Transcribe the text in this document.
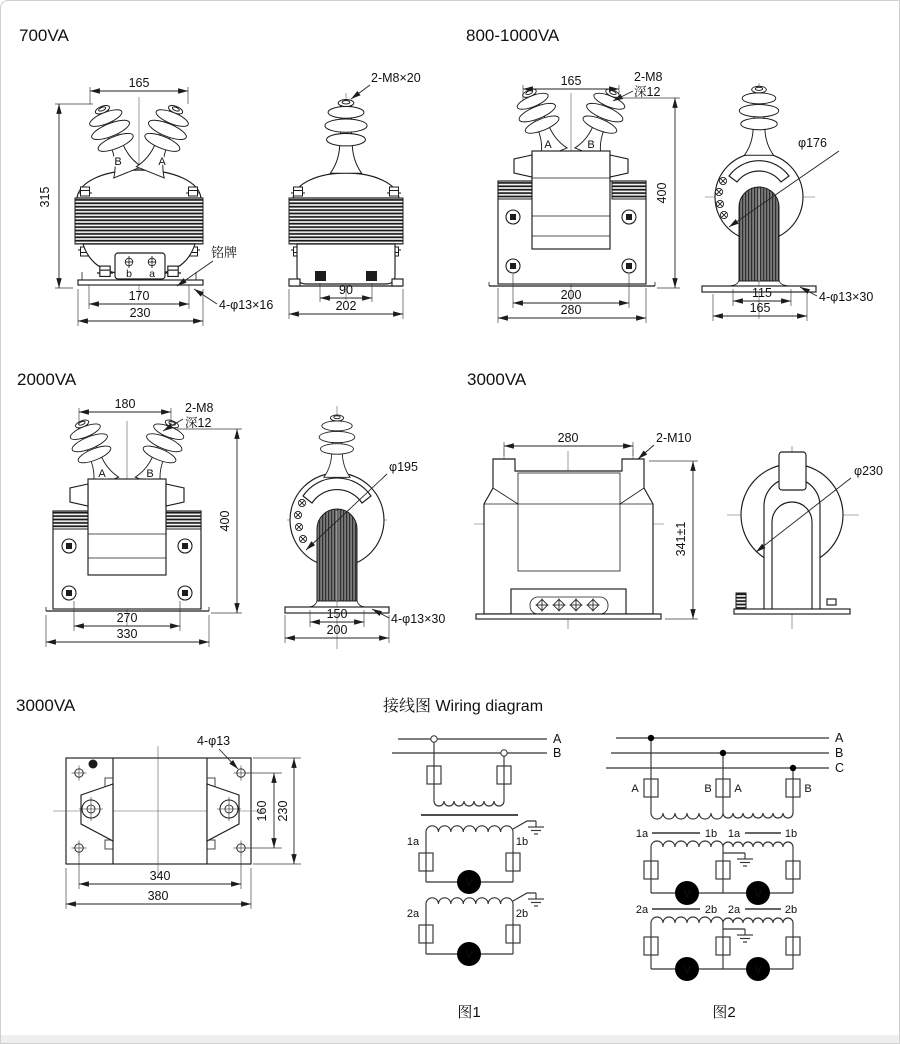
700VA
B	A
b a
165
315
170
230
铭牌
4-φ13×16
2-M8×20
90
202
800-1000VA
A	B
165	2-M8
深12
400
200
280
φ176
115
165
4-φ13×30
2000VA
A	B
180	2-M8
深12
400
270
330
φ195
150
200
4-φ13×30
3000VA
280	2-M10
341±1
φ230
3000VA
4-φ13
160 230
340
380
接线图 Wiring diagram
A
B
1a	1b
V
2a	2b
V
图1
A
B
C
A	B A	B
1a	1b 1a	1b
V	V
2a	2b 2a	2b
V	V
图2
